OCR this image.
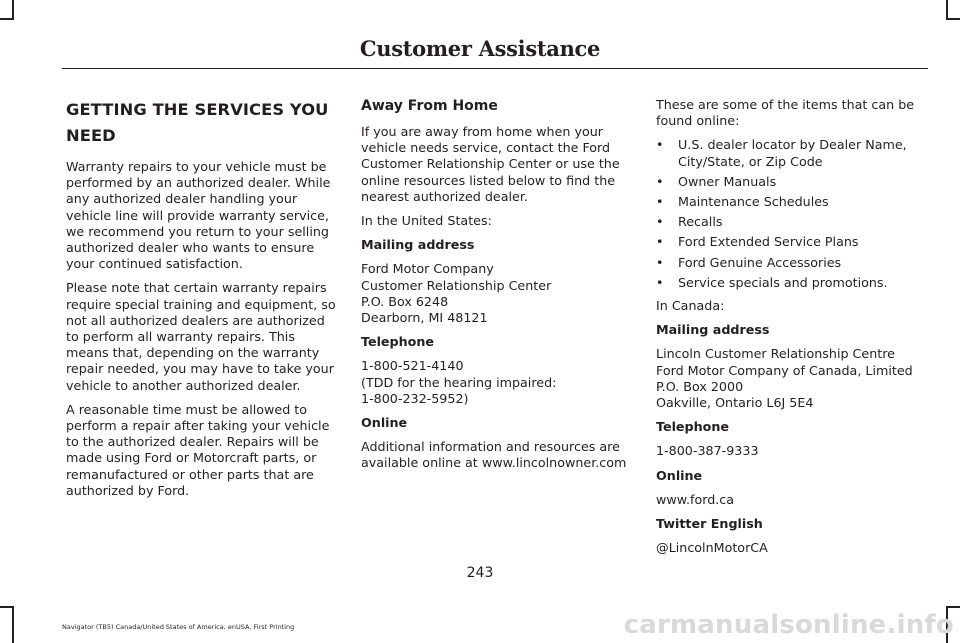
Customer Assistance
GETTING THE SERVICES YOU NEED

Warranty repairs to your vehicle must be performed by an authorized dealer. While any authorized dealer handling your vehicle line will provide warranty service, we recommend you return to your selling authorized dealer who wants to ensure your continued satisfaction.

Please note that certain warranty repairs require special training and equipment, so not all authorized dealers are authorized to perform all warranty repairs. This means that, depending on the warranty repair needed, you may have to take your vehicle to another authorized dealer.

A reasonable time must be allowed to perform a repair after taking your vehicle to the authorized dealer. Repairs will be made using Ford or Motorcraft parts, or remanufactured or other parts that are authorized by Ford.

Away From Home

If you are away from home when your vehicle needs service, contact the Ford Customer Relationship Center or use the online resources listed below to find the nearest authorized dealer.

In the United States:

Mailing address

Ford Motor Company
Customer Relationship Center
P.O. Box 6248
Dearborn, MI 48121

Telephone

1-800-521-4140
(TDD for the hearing impaired:
1-800-232-5952)

Online

Additional information and resources are available online at www.lincolnowner.com

These are some of the items that can be found online:

• U.S. dealer locator by Dealer Name, City/State, or Zip Code
• Owner Manuals
• Maintenance Schedules
• Recalls
• Ford Extended Service Plans
• Ford Genuine Accessories
• Service specials and promotions.

In Canada:

Mailing address

Lincoln Customer Relationship Centre
Ford Motor Company of Canada, Limited
P.O. Box 2000
Oakville, Ontario L6J 5E4

Telephone

1-800-387-9333

Online

www.ford.ca

Twitter English

@LincolnMotorCA

243
Navigator (TB5) Canada/United States of America, enUSA, First Printing	carmanualsonline.info
